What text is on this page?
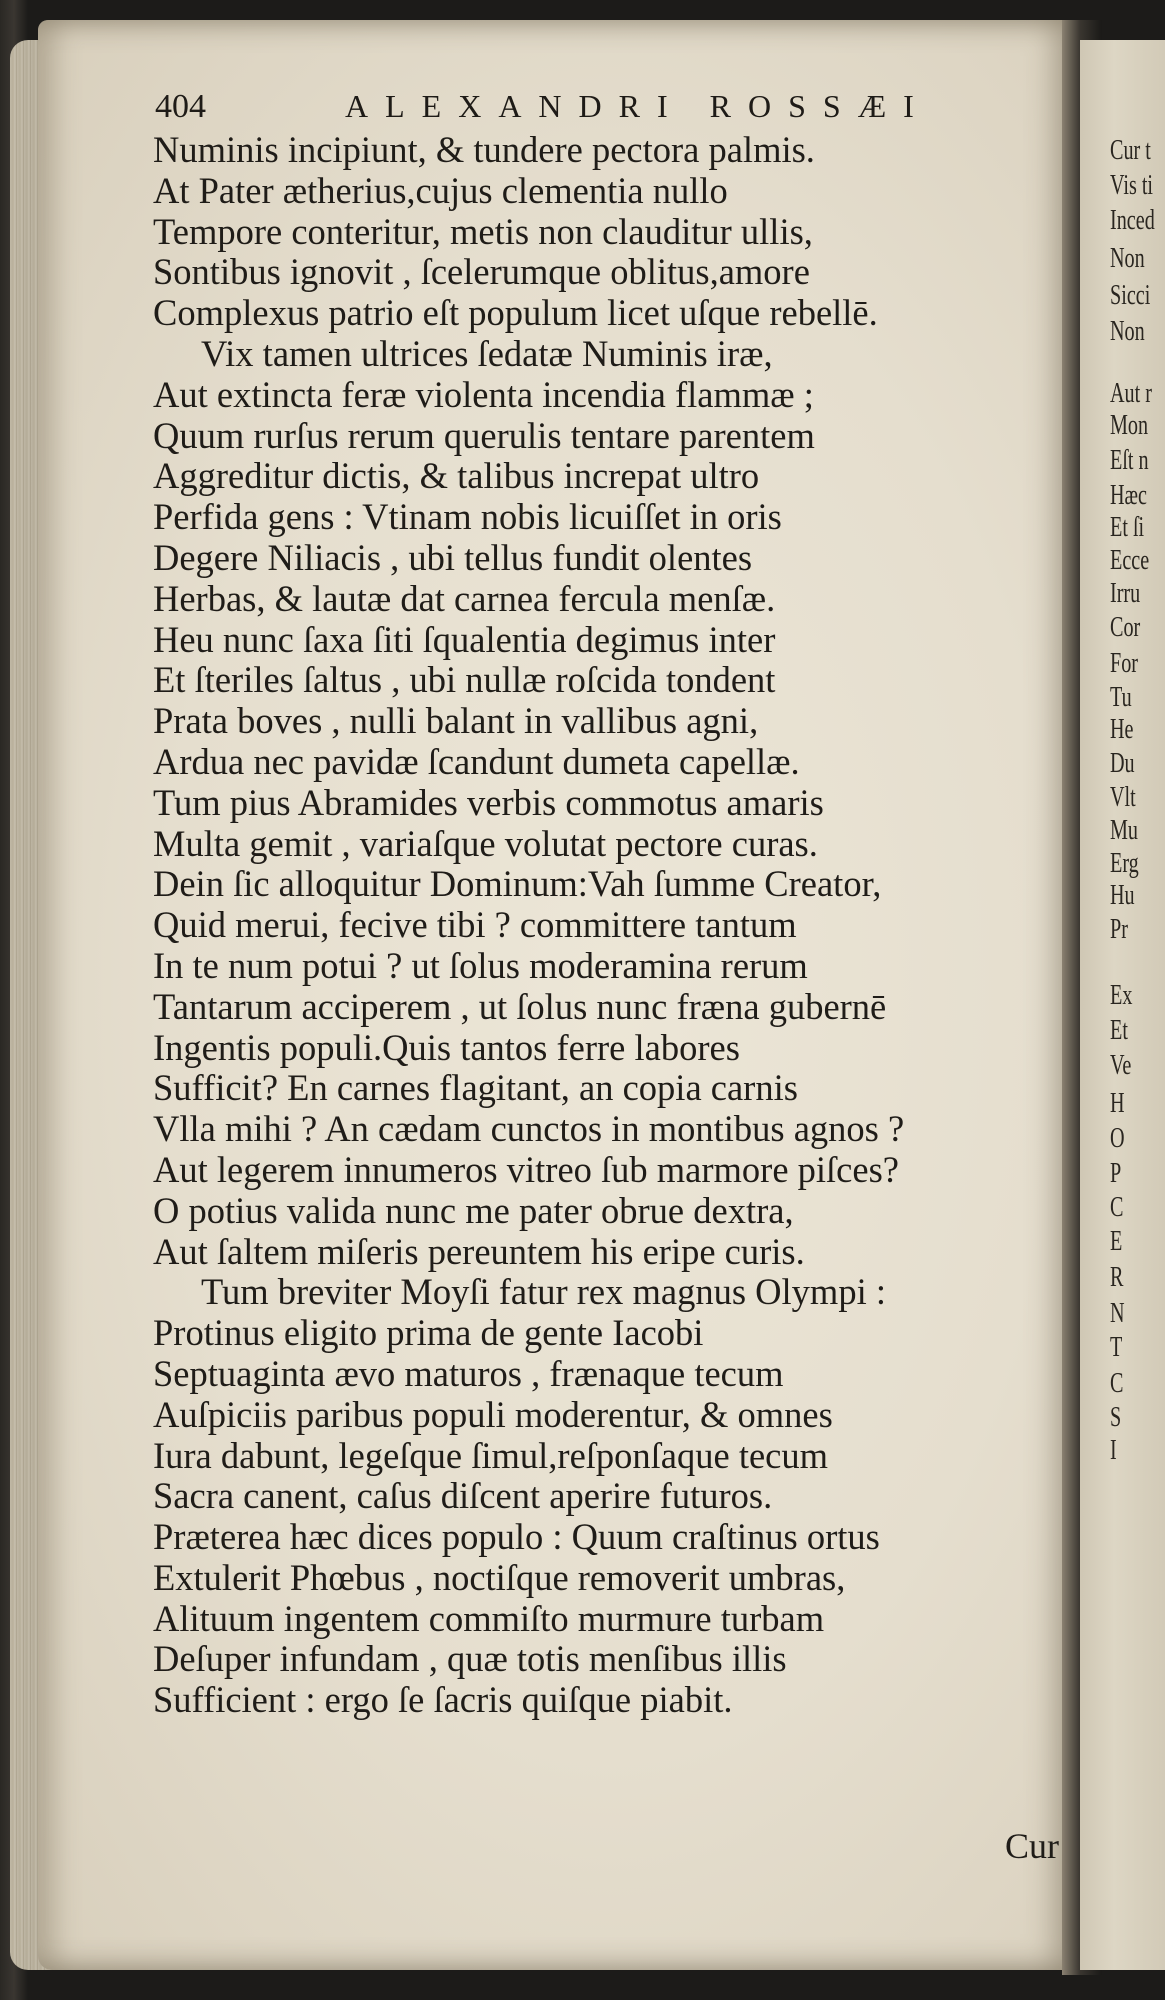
404	ALEXANDRI ROSSÆI
Numinis incipiunt, & tundere pectora palmis.
At Pater ætherius,cujus clementia nullo
Tempore conteritur, metis non clauditur ullis,
Sontibus ignovit , ſcelerumque oblitus,amore
Complexus patrio eſt populum licet uſque rebellē.
Vix tamen ultrices ſedatæ Numinis iræ,
Aut extincta feræ violenta incendia flammæ ;
Quum rurſus rerum querulis tentare parentem
Aggreditur dictis, & talibus increpat ultro
Perfida gens : Vtinam nobis licuiſſet in oris
Degere Niliacis , ubi tellus fundit olentes
Herbas, & lautæ dat carnea fercula menſæ.
Heu nunc ſaxa ſiti ſqualentia degimus inter
Et ſteriles ſaltus , ubi nullæ roſcida tondent
Prata boves , nulli balant in vallibus agni,
Ardua nec pavidæ ſcandunt dumeta capellæ.
Tum pius Abramides verbis commotus amaris
Multa gemit , variaſque volutat pectore curas.
Dein ſic alloquitur Dominum:Vah ſumme Creator,
Quid merui, fecive tibi ? committere tantum
In te num potui ? ut ſolus moderamina rerum
Tantarum acciperem , ut ſolus nunc fræna gubernē
Ingentis populi.Quis tantos ferre labores
Sufficit? En carnes flagitant, an copia carnis
Vlla mihi ? An cædam cunctos in montibus agnos ?
Aut legerem innumeros vitreo ſub marmore piſces?
O potius valida nunc me pater obrue dextra,
Aut ſaltem miſeris pereuntem his eripe curis.
Tum breviter Moyſi fatur rex magnus Olympi :
Protinus eligito prima de gente Iacobi
Septuaginta ævo maturos , frænaque tecum
Auſpiciis paribus populi moderentur, & omnes
Iura dabunt, legeſque ſimul,reſponſaque tecum
Sacra canent, caſus diſcent aperire futuros.
Præterea hæc dices populo : Quum craſtinus ortus
Extulerit Phœbus , noctiſque removerit umbras,
Alituum ingentem commiſto murmure turbam
Deſuper infundam , quæ totis menſibus illis
Sufficient : ergo ſe ſacris quiſque piabit.
Cur
Cur t
Vis ti
Inced
Non
Sicci
Non
Aut r
Mon
Eſt n
Hæc
Et ſi
Ecce
Irru
Cor
For
Tu
He
Du
Vlt
Mu
Erg
Hu
Pr
Ex
Et
Ve
H
O
P
C
E
R
N
T
C
S
I
